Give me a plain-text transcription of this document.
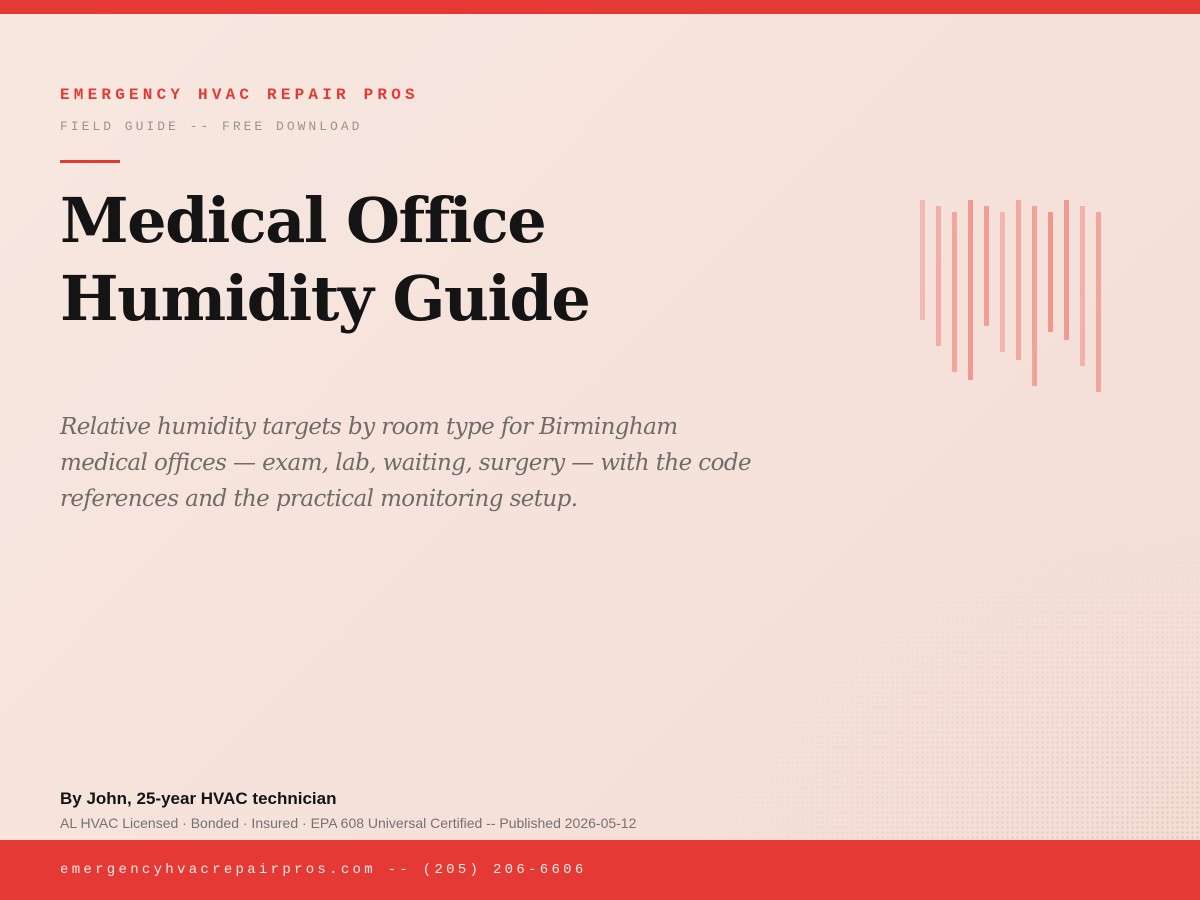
EMERGENCY HVAC REPAIR PROS
FIELD GUIDE -- FREE DOWNLOAD
Medical Office
Humidity Guide

Relative humidity targets by room type for Birmingham medical offices — exam, lab, waiting, surgery — with the code references and the practical monitoring setup.

By John, 25-year HVAC technician
AL HVAC Licensed · Bonded · Insured · EPA 608 Universal Certified -- Published 2026-05-12
emergencyhvacrepairpros.com -- (205) 206-6606
